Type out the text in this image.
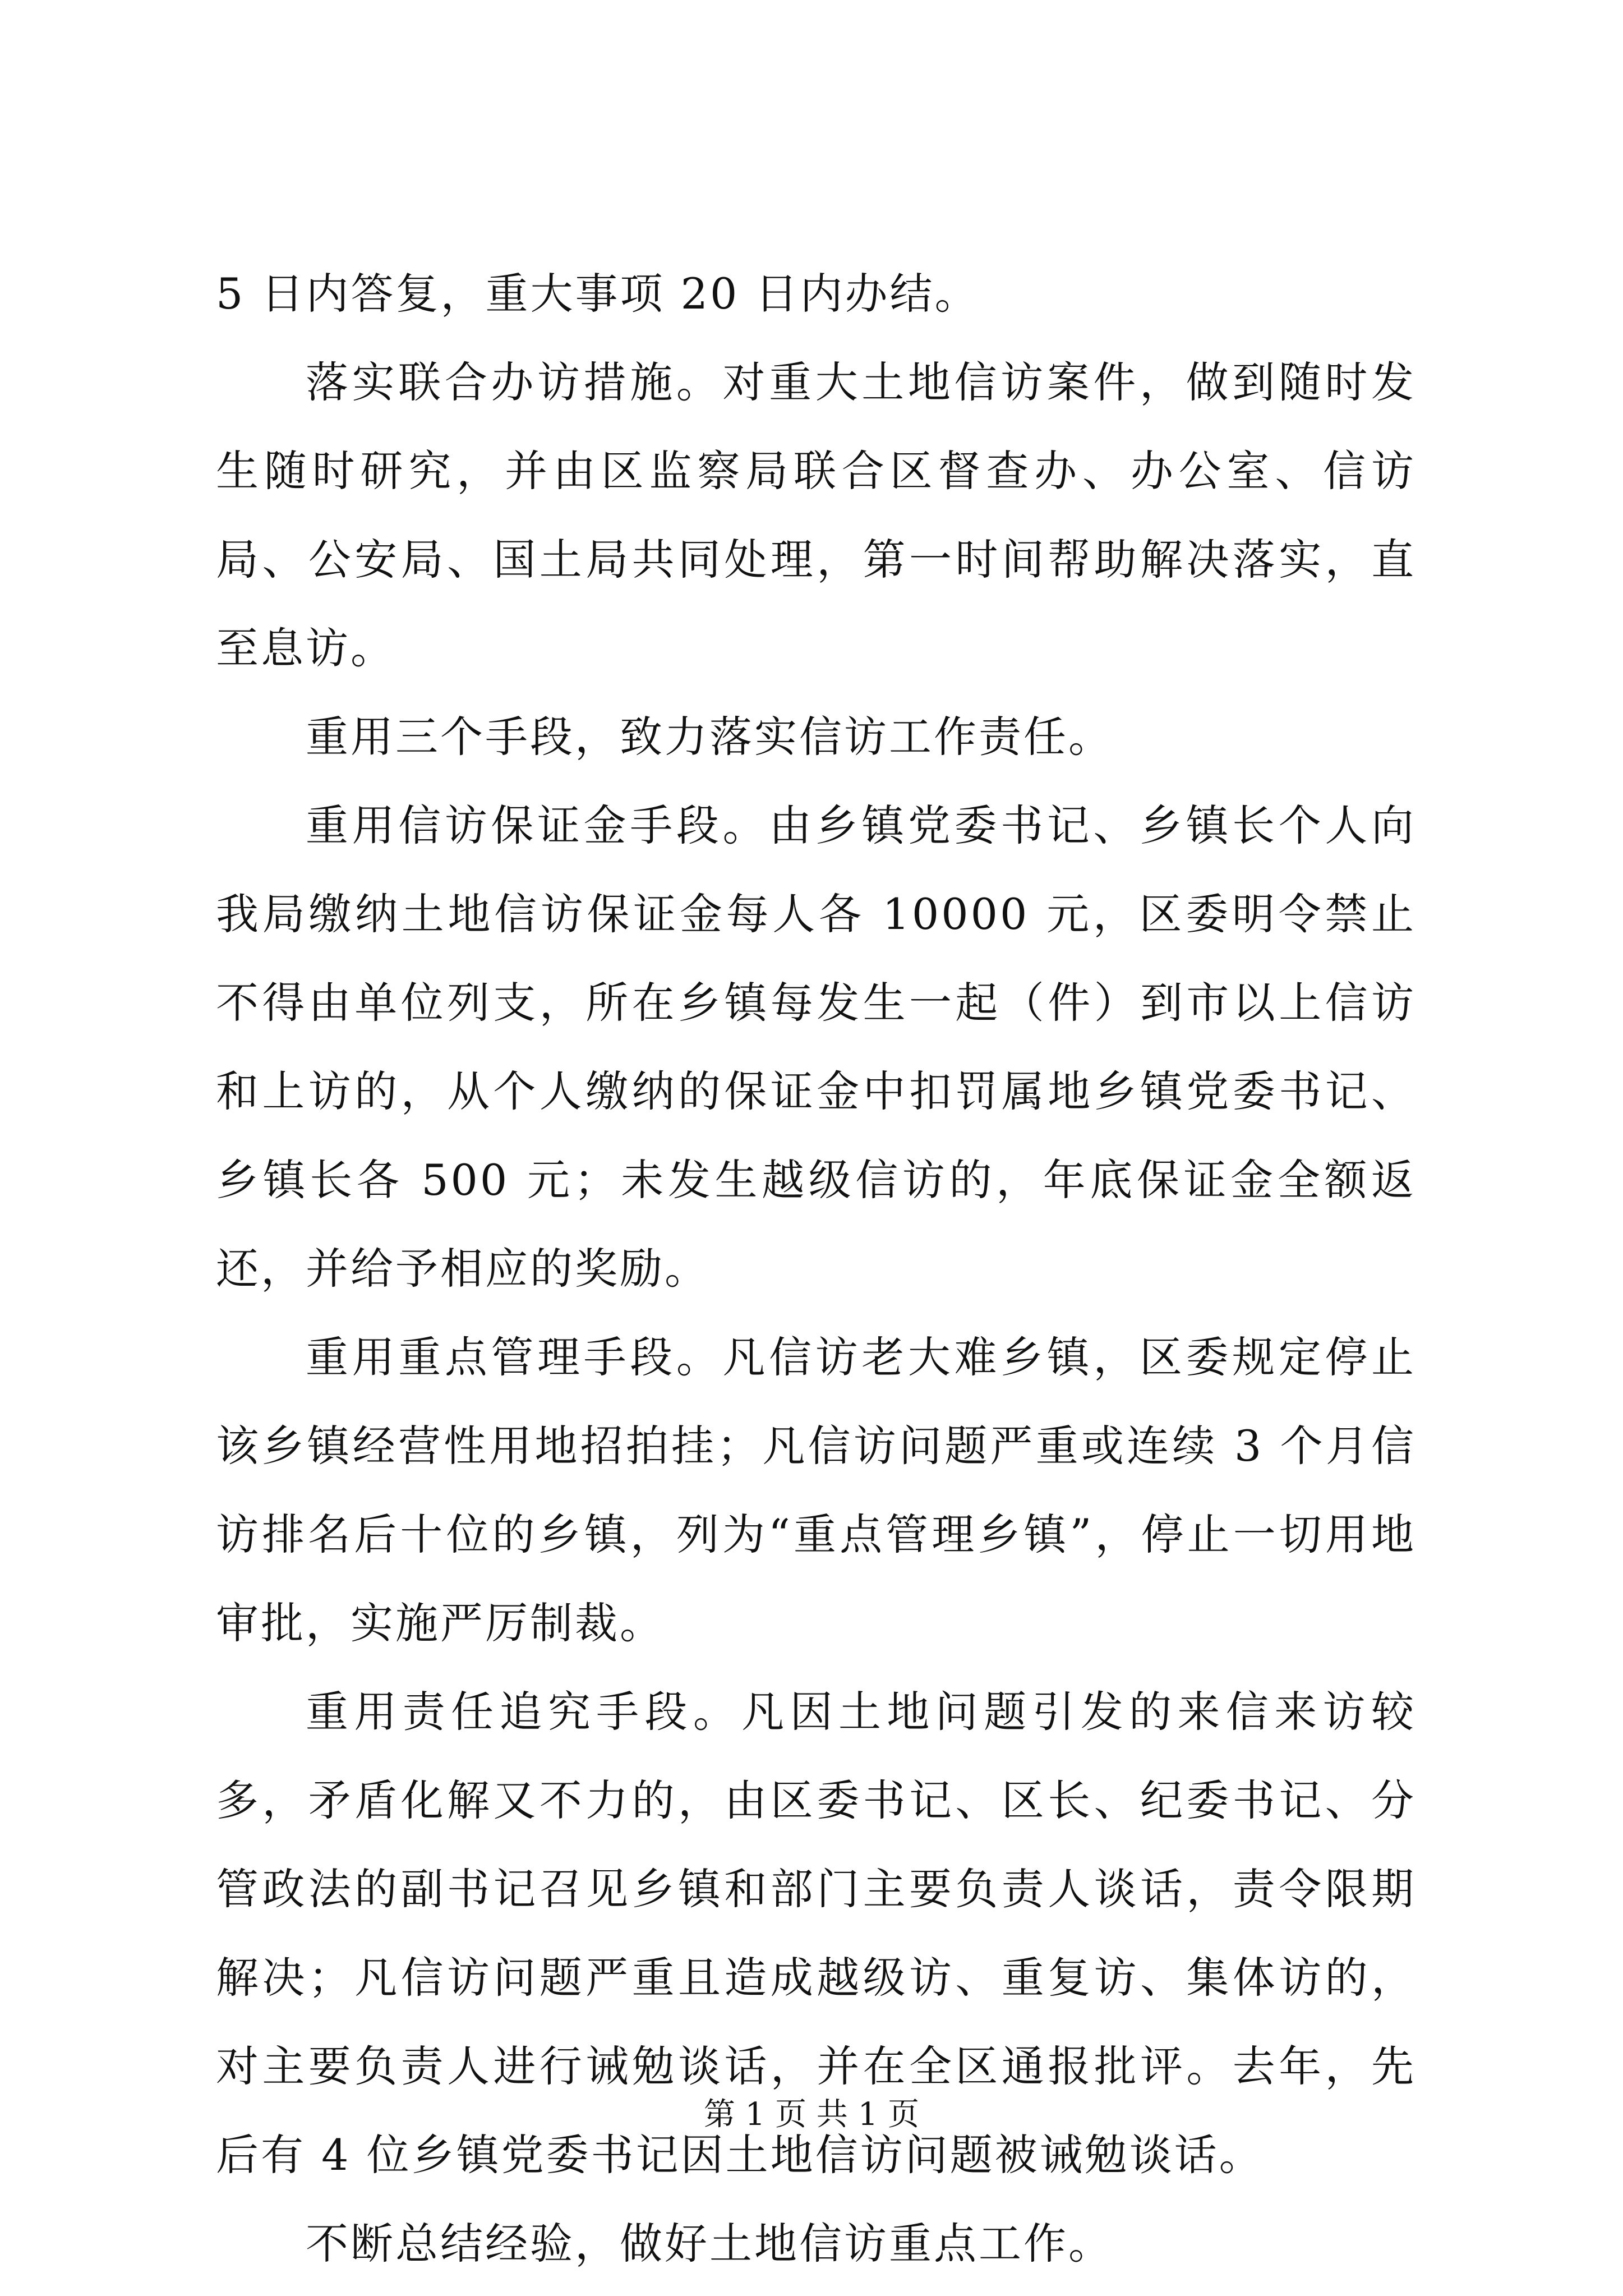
5 日内答复，重大事项 20 日内办结。

落实联合办访措施。对重大土地信访案件，做到随时发生随时研究，并由区监察局联合区督查办、办公室、信访局、公安局、国土局共同处理，第一时间帮助解决落实，直至息访。

重用三个手段，致力落实信访工作责任。

重用信访保证金手段。由乡镇党委书记、乡镇长个人向我局缴纳土地信访保证金每人各 10000 元，区委明令禁止不得由单位列支，所在乡镇每发生一起（件）到市以上信访和上访的，从个人缴纳的保证金中扣罚属地乡镇党委书记、乡镇长各 500 元；未发生越级信访的，年底保证金全额返还，并给予相应的奖励。

重用重点管理手段。凡信访老大难乡镇，区委规定停止该乡镇经营性用地招拍挂；凡信访问题严重或连续 3 个月信访排名后十位的乡镇，列为“重点管理乡镇”，停止一切用地审批，实施严厉制裁。

重用责任追究手段。凡因土地问题引发的来信来访较多，矛盾化解又不力的，由区委书记、区长、纪委书记、分管政法的副书记召见乡镇和部门主要负责人谈话，责令限期解决；凡信访问题严重且造成越级访、重复访、集体访的，对主要负责人进行诫勉谈话，并在全区通报批评。去年，先后有 4 位乡镇党委书记因土地信访问题被诫勉谈话。

不断总结经验，做好土地信访重点工作。

第 1 页 共 1 页
